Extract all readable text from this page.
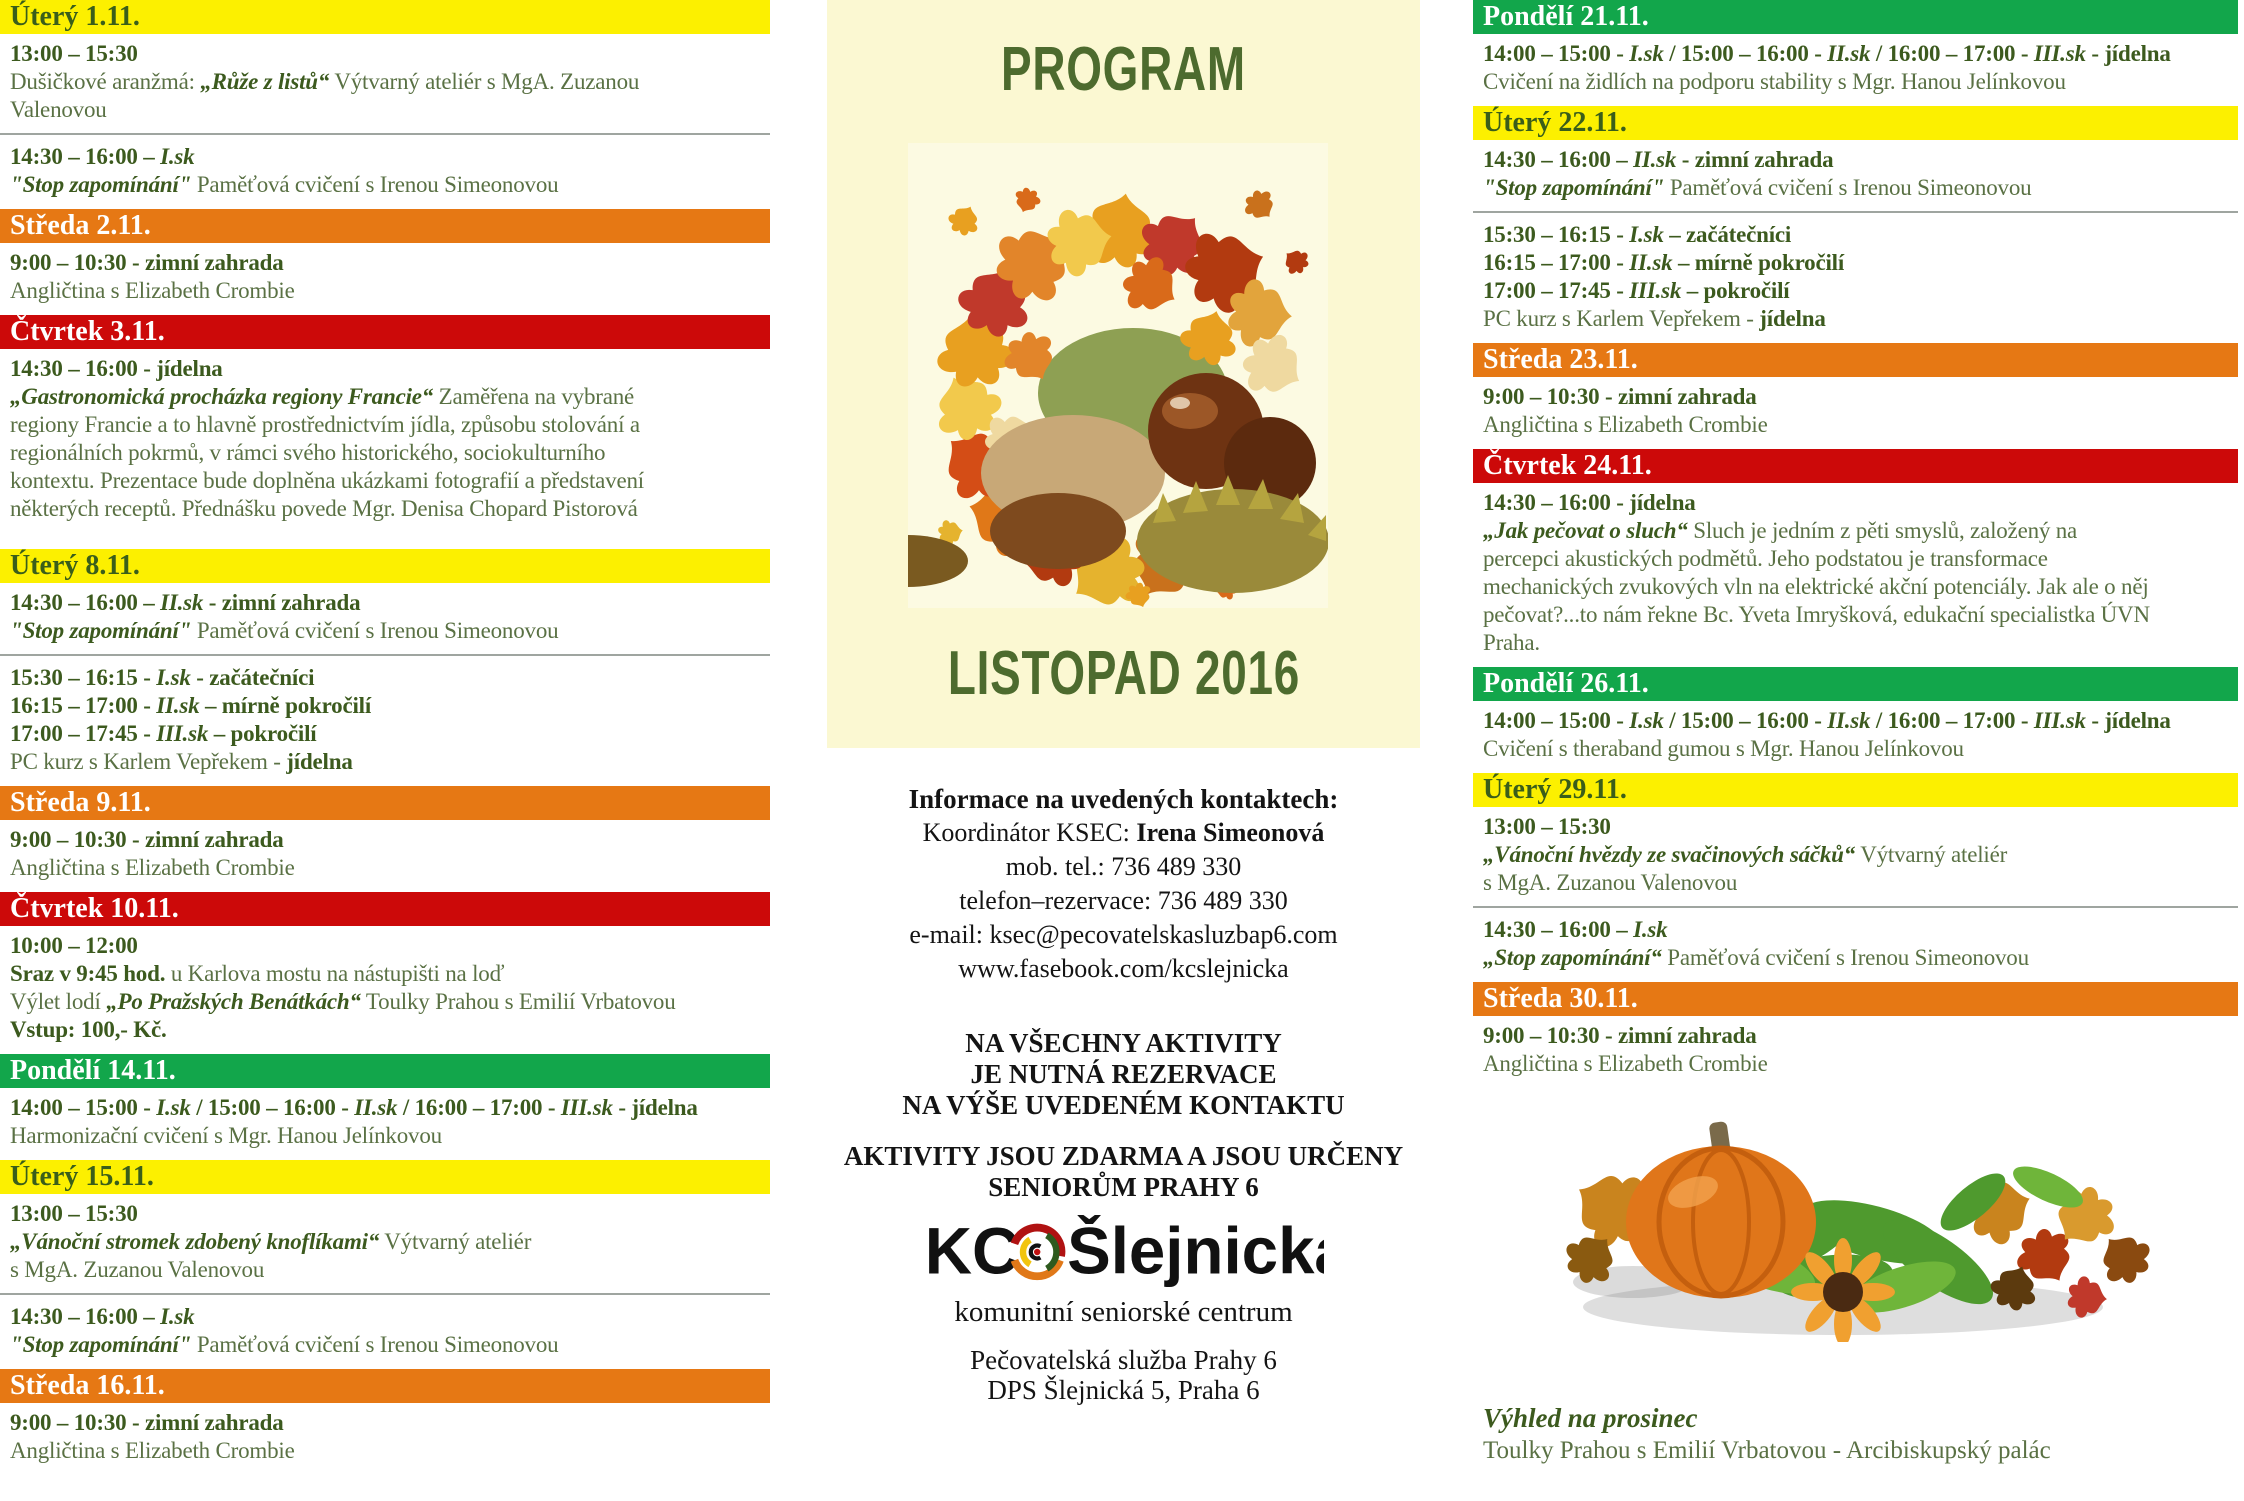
Úterý 1.11.
13:00 – 15:30
Dušičkové aranžmá: „Růže z listů“ Výtvarný ateliér s MgA. Zuzanou
Valenovou
14:30 – 16:00 – I.sk
"Stop zapomínání" Paměťová cvičení s Irenou Simeonovou
Středa 2.11.
9:00 – 10:30 - zimní zahrada
Angličtina s Elizabeth Crombie
Čtvrtek 3.11.
14:30 – 16:00 - jídelna
„Gastronomická procházka regiony Francie“ Zaměřena na vybrané
regiony Francie a to hlavně prostřednictvím jídla, způsobu stolování a
regionálních pokrmů, v rámci svého historického, sociokulturního
kontextu. Prezentace bude doplněna ukázkami fotografií a představení
některých receptů. Přednášku povede Mgr. Denisa Chopard Pistorová
Úterý 8.11.
14:30 – 16:00 – II.sk - zimní zahrada
"Stop zapomínání" Paměťová cvičení s Irenou Simeonovou
15:30 – 16:15 - I.sk - začátečníci
16:15 – 17:00 - II.sk – mírně pokročilí
17:00 – 17:45 - III.sk – pokročilí
PC kurz s Karlem Vepřekem - jídelna
Středa 9.11.
9:00 – 10:30 - zimní zahrada
Angličtina s Elizabeth Crombie
Čtvrtek 10.11.
10:00 – 12:00
Sraz v 9:45 hod. u Karlova mostu na nástupišti na loď
Výlet lodí „Po Pražských Benátkách“ Toulky Prahou s Emilií Vrbatovou
Vstup: 100,- Kč.
Pondělí 14.11.
14:00 – 15:00 - I.sk / 15:00 – 16:00 - II.sk / 16:00 – 17:00 - III.sk - jídelna
Harmonizační cvičení s Mgr. Hanou Jelínkovou
Úterý 15.11.
13:00 – 15:30
„Vánoční stromek zdobený knoflíkami“ Výtvarný ateliér
s MgA. Zuzanou Valenovou
14:30 – 16:00 – I.sk
"Stop zapomínání" Paměťová cvičení s Irenou Simeonovou
Středa 16.11.
9:00 – 10:30 - zimní zahrada
Angličtina s Elizabeth Crombie
PROGRAM
LISTOPAD 2016
Informace na uvedených kontaktech:
Koordinátor KSEC: Irena Simeonová
mob. tel.: 736 489 330
telefon–rezervace: 736 489 330
e-mail: ksec@pecovatelskasluzbap6.com
www.fasebook.com/kcslejnicka
NA VŠECHNY AKTIVITY
JE NUTNÁ REZERVACE
NA VÝŠE UVEDENÉM KONTAKTU
AKTIVITY JSOU ZDARMA A JSOU URČENY
SENIORŮM PRAHY 6
KC Šlejnická
komunitní seniorské centrum
Pečovatelská služba Prahy 6
DPS Šlejnická 5, Praha 6
Pondělí 21.11.
14:00 – 15:00 - I.sk / 15:00 – 16:00 - II.sk / 16:00 – 17:00 - III.sk - jídelna
Cvičení na židlích na podporu stability s Mgr. Hanou Jelínkovou
Úterý 22.11.
14:30 – 16:00 – II.sk - zimní zahrada
"Stop zapomínání" Paměťová cvičení s Irenou Simeonovou
15:30 – 16:15 - I.sk – začátečníci
16:15 – 17:00 - II.sk – mírně pokročilí
17:00 – 17:45 - III.sk – pokročilí
PC kurz s Karlem Vepřekem - jídelna
Středa 23.11.
9:00 – 10:30 - zimní zahrada
Angličtina s Elizabeth Crombie
Čtvrtek 24.11.
14:30 – 16:00 - jídelna
„Jak pečovat o sluch“ Sluch je jedním z pěti smyslů, založený na
percepci akustických podmětů. Jeho podstatou je transformace
mechanických zvukových vln na elektrické akční potenciály. Jak ale o něj
pečovat?...to nám řekne Bc. Yveta Imryšková, edukační specialistka ÚVN
Praha.
Pondělí 26.11.
14:00 – 15:00 - I.sk / 15:00 – 16:00 - II.sk / 16:00 – 17:00 - III.sk - jídelna
Cvičení s theraband gumou s Mgr. Hanou Jelínkovou
Úterý 29.11.
13:00 – 15:30
„Vánoční hvězdy ze svačinových sáčků“ Výtvarný ateliér
s MgA. Zuzanou Valenovou
14:30 – 16:00 – I.sk
„Stop zapomínání“ Paměťová cvičení s Irenou Simeonovou
Středa 30.11.
9:00 – 10:30 - zimní zahrada
Angličtina s Elizabeth Crombie
Výhled na prosinec
Toulky Prahou s Emilií Vrbatovou - Arcibiskupský palác
